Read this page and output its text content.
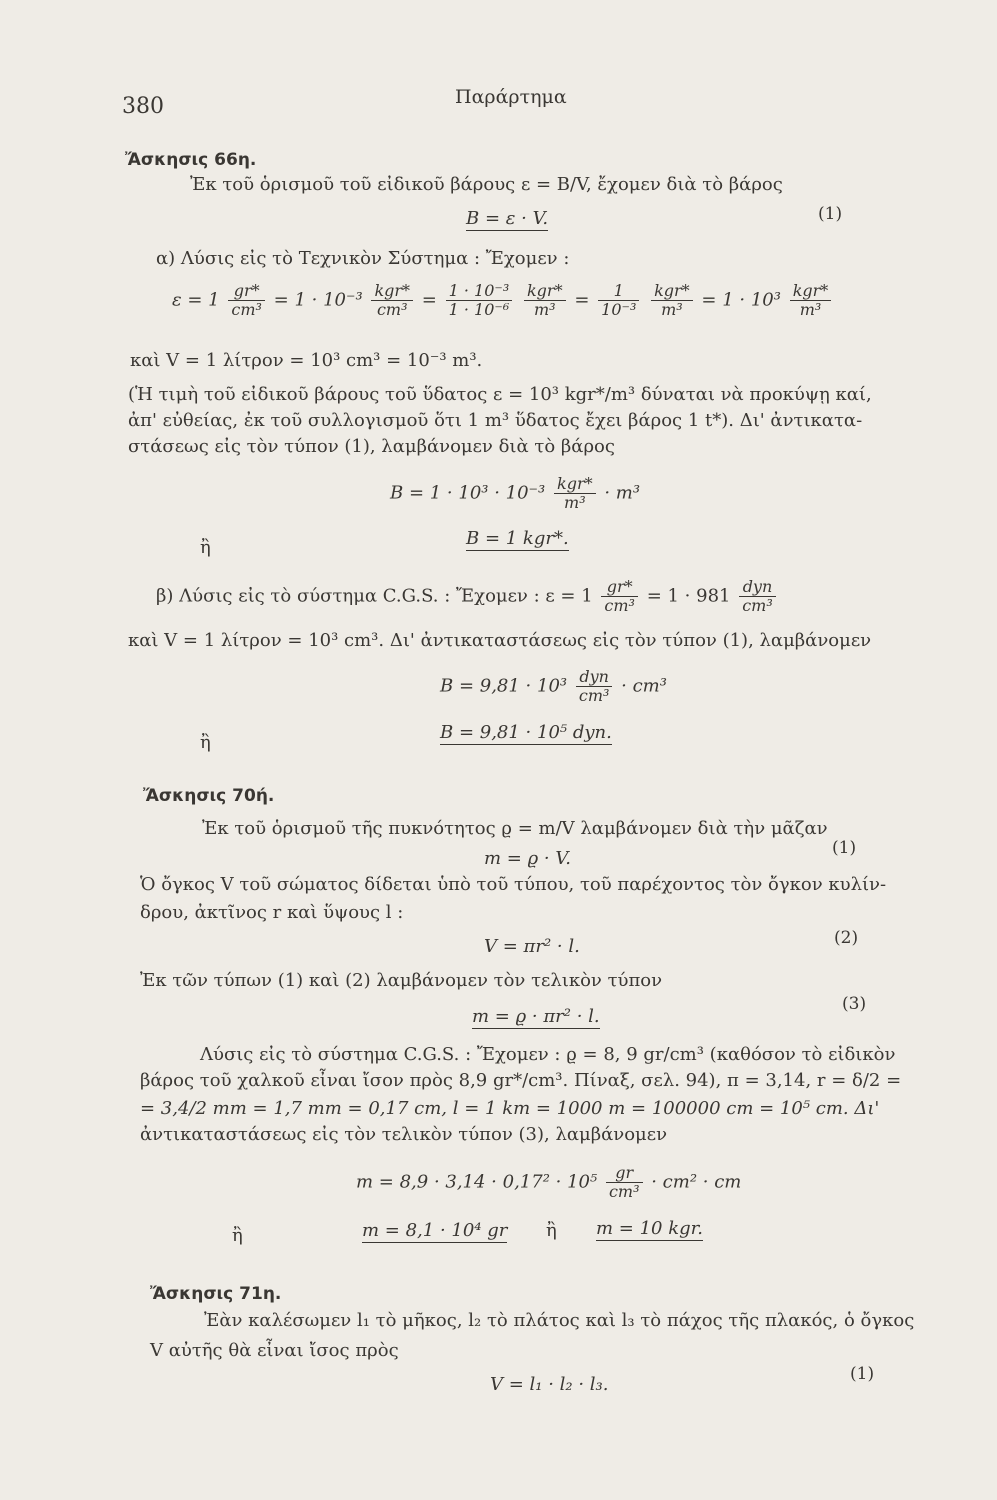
380	Παράρτημα
Ἄσκησις 66η.
Ἐκ τοῦ ὁρισμοῦ τοῦ εἰδικοῦ βάρους ε = B/V, ἔχομεν διὰ τὸ βάρος
B = ε · V.	(1)
α) Λύσις εἰς τὸ Τεχνικὸν Σύστημα : Ἔχομεν :
$\varepsilon = 1 \frac{gr*}{\text{cm³}} = 1 \cdot 10^{-3} \frac{\text{kgr*}}{\text{cm³}} = \frac{\text{1 · 10⁻³}}{\text{1 · 10⁻⁶}}$
$\frac{\text{kgr*}}{\text{m³}} = \frac{1}{\text{10⁻³}}$
$\frac{\text{kgr*}}{\text{m³}} = 1 \cdot 10^3 \frac{\text{kgr*}}{\text{m³}}$
καὶ V = 1 λίτρον = 10³ cm³ = 10⁻³ m³.
(Ἡ τιμὴ τοῦ εἰδικοῦ βάρους τοῦ ὕδατος ε = 10³ kgr*/m³ δύναται νὰ προκύψῃ καί,
ἀπ' εὐθείας, ἐκ τοῦ συλλογισμοῦ ὅτι 1 m³ ὕδατος ἔχει βάρος 1 t*). Δι' ἀντικατα-
στάσεως εἰς τὸν τύπον (1), λαμβάνομεν διὰ τὸ βάρος
$B = 1 \cdot 10^3 \cdot 10^{-3} \frac{\text{kgr*}}{\text{m³}} \cdot m^3$
ἢ	B = 1 kgr*.
β) Λύσις εἰς τὸ σύστημα C.G.S. : Ἔχομεν : $\varepsilon = 1 \frac{gr*}{\text{cm³}} = 1 \cdot 981 \frac{\text{dyn}}{\text{cm³}}$
καὶ V = 1 λίτρον = 10³ cm³. Δι' ἀντικαταστάσεως εἰς τὸν τύπον (1), λαμβάνομεν
$B = 9,81 \cdot 10^3 \frac{\text{dyn}}{\text{cm³}} \cdot cm^3$
ἢ	B = 9,81 · 10⁵ dyn.
Ἄσκησις 70ή.
Ἐκ τοῦ ὁρισμοῦ τῆς πυκνότητος ϱ = m/V λαμβάνομεν διὰ τὴν μᾶζαν
m = ϱ · V.	(1)
Ὁ ὄγκος V τοῦ σώματος δίδεται ὑπὸ τοῦ τύπου, τοῦ παρέχοντος τὸν ὄγκον κυλίν-
δρου, ἀκτῖνος r καὶ ὕψους l :
V = πr² · l.	(2)
Ἐκ τῶν τύπων (1) καὶ (2) λαμβάνομεν τὸν τελικὸν τύπον
m = ϱ · πr² · l.
(3)
Λύσις εἰς τὸ σύστημα C.G.S. : Ἔχομεν : ϱ = 8, 9 gr/cm³ (καθόσον τὸ εἰδικὸν
βάρος τοῦ χαλκοῦ εἶναι ἴσον πρὸς 8,9 gr*/cm³. Πίναξ, σελ. 94), π = 3,14, r = δ/2 =
= 3,4/2 mm = 1,7 mm = 0,17 cm, l = 1 km = 1000 m = 100000 cm = 10⁵ cm. Δι'
ἀντικαταστάσεως εἰς τὸν τελικὸν τύπον (3), λαμβάνομεν
$m = 8,9 \cdot 3,14 \cdot 0,17^2 \cdot 10^5 \frac{gr}{\text{cm³}} \cdot cm^2$ · cm
ἢ	m = 8,1 · 10⁴ gr ἢ m = 10 kgr.
Ἄσκησις 71η.
Ἐὰν καλέσωμεν l₁ τὸ μῆκος, l₂ τὸ πλάτος καὶ l₃ τὸ πάχος τῆς πλακός, ὁ ὄγκος
V αὐτῆς θὰ εἶναι ἴσος πρὸς
V = l₁ · l₂ · l₃.	(1)
